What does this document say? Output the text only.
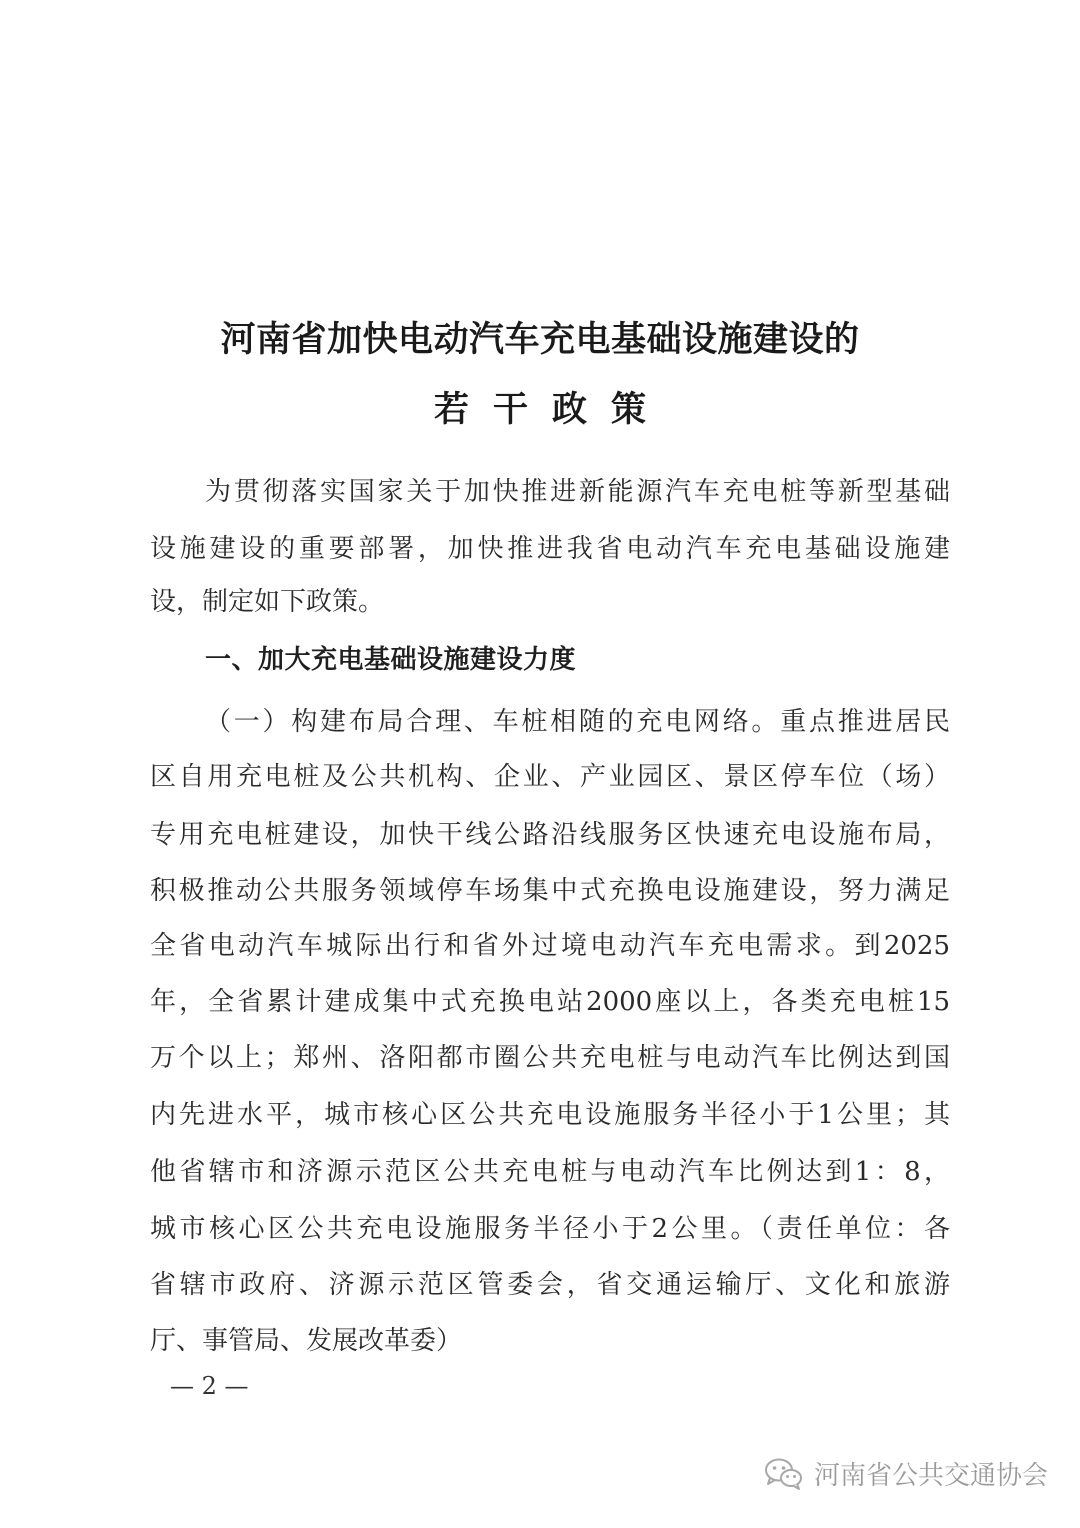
河南省加快电动汽车充电基础设施建设的
若干政策
为贯彻落实国家关于加快推进新能源汽车充电桩等新型基础
设施建设的重要部署，加快推进我省电动汽车充电基础设施建
设，制定如下政策。
一、加大充电基础设施建设力度
（一）构建布局合理、车桩相随的充电网络。重点推进居民
区自用充电桩及公共机构、企业、产业园区、景区停车位（场）
专用充电桩建设，加快干线公路沿线服务区快速充电设施布局，
积极推动公共服务领域停车场集中式充换电设施建设，努力满足
全省电动汽车城际出行和省外过境电动汽车充电需求。到2025
年，全省累计建成集中式充换电站2000座以上，各类充电桩15
万个以上；郑州、洛阳都市圈公共充电桩与电动汽车比例达到国
内先进水平，城市核心区公共充电设施服务半径小于1公里；其
他省辖市和济源示范区公共充电桩与电动汽车比例达到1：8，
城市核心区公共充电设施服务半径小于2公里。（责任单位：各
省辖市政府、济源示范区管委会，省交通运输厅、文化和旅游
厅、事管局、发展改革委）
— 2 —
河南省公共交通协会
